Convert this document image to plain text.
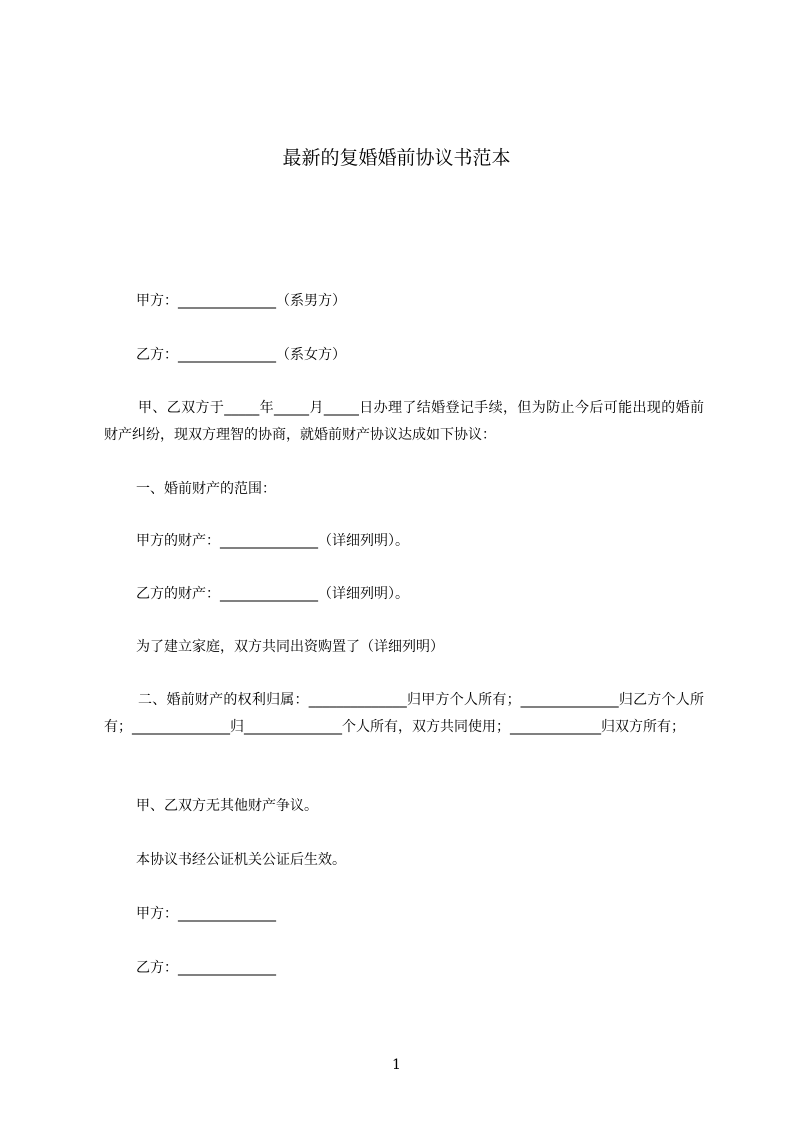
最新的复婚婚前协议书范本
甲方：______________（系男方）
乙方：______________（系女方）
甲、乙双方于_____年_____月_____日办理了结婚登记手续，但为防止今后可能出现的婚前财产纠纷，现双方理智的协商，就婚前财产协议达成如下协议：
一、婚前财产的范围：
甲方的财产：______________（详细列明）。
乙方的财产：______________（详细列明）。
为了建立家庭，双方共同出资购置了（详细列明）
二、婚前财产的权利归属：______________归甲方个人所有；______________归乙方个人所有；______________归______________个人所有，双方共同使用；_____________归双方所有；
甲、乙双方无其他财产争议。
本协议书经公证机关公证后生效。
甲方：______________
乙方：______________
1
